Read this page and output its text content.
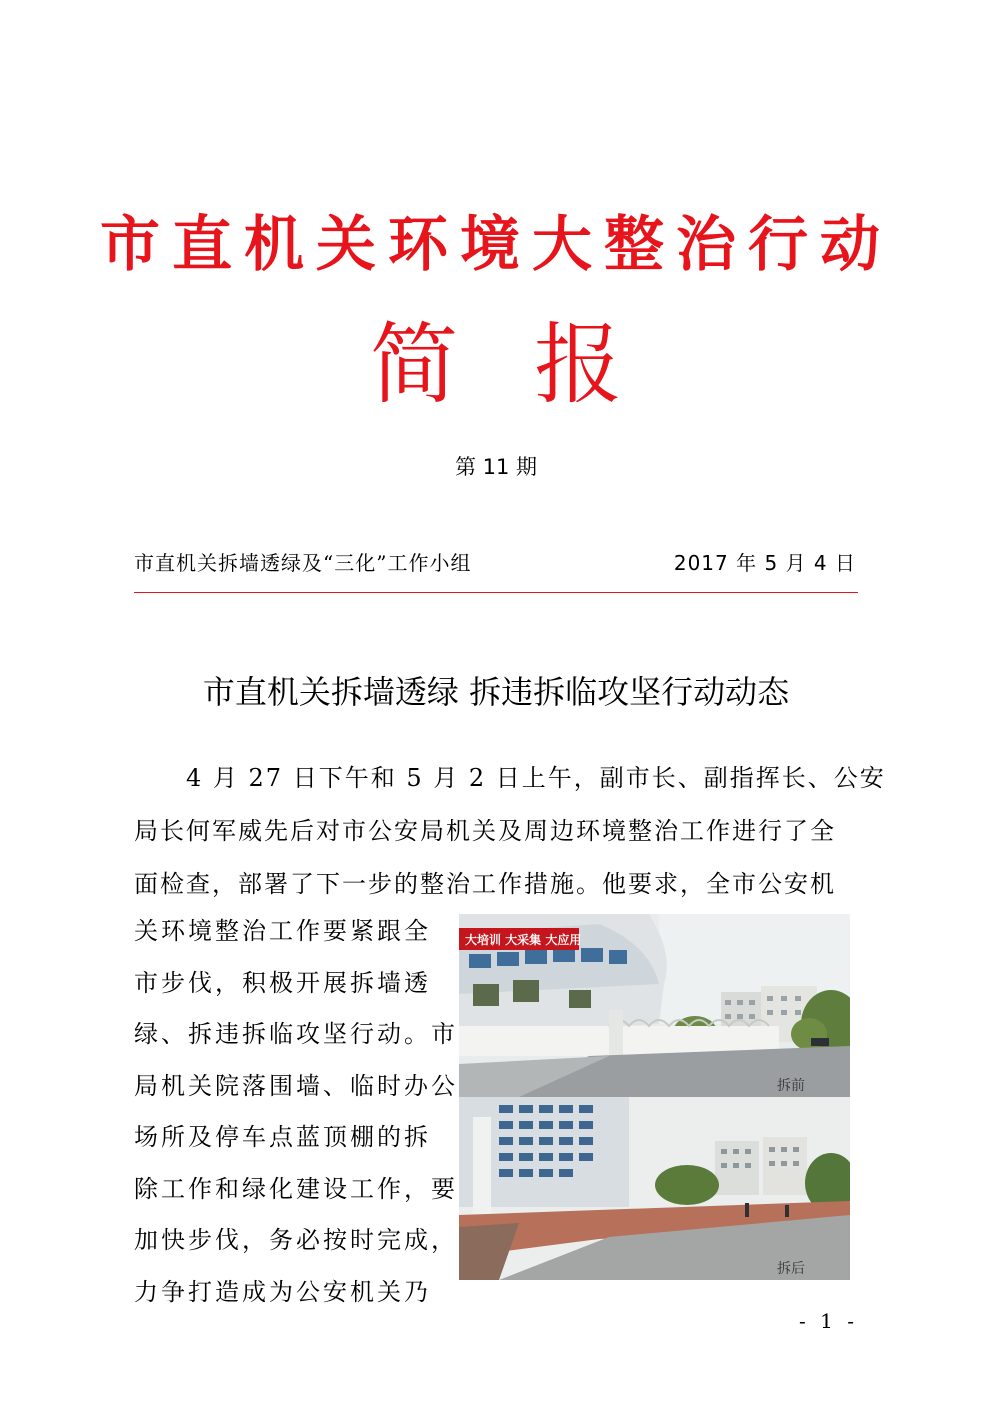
市直机关环境大整治行动
简 报
第 11 期
市直机关拆墙透绿及“三化”工作小组	2017 年 5 月 4 日
市直机关拆墙透绿 拆违拆临攻坚行动动态
　　4 月 27 日下午和 5 月 2 日上午，副市长、副指挥长、公安
局长何军威先后对市公安局机关及周边环境整治工作进行了全
面检查，部署了下一步的整治工作措施。他要求，全市公安机
关环境整治工作要紧跟全
市步伐，积极开展拆墙透
绿、拆违拆临攻坚行动。市
局机关院落围墙、临时办公
场所及停车点蓝顶棚的拆
除工作和绿化建设工作，要
加快步伐，务必按时完成，
力争打造成为公安机关乃
大培训 大采集 大应用
拆前
拆后
- 1 -
